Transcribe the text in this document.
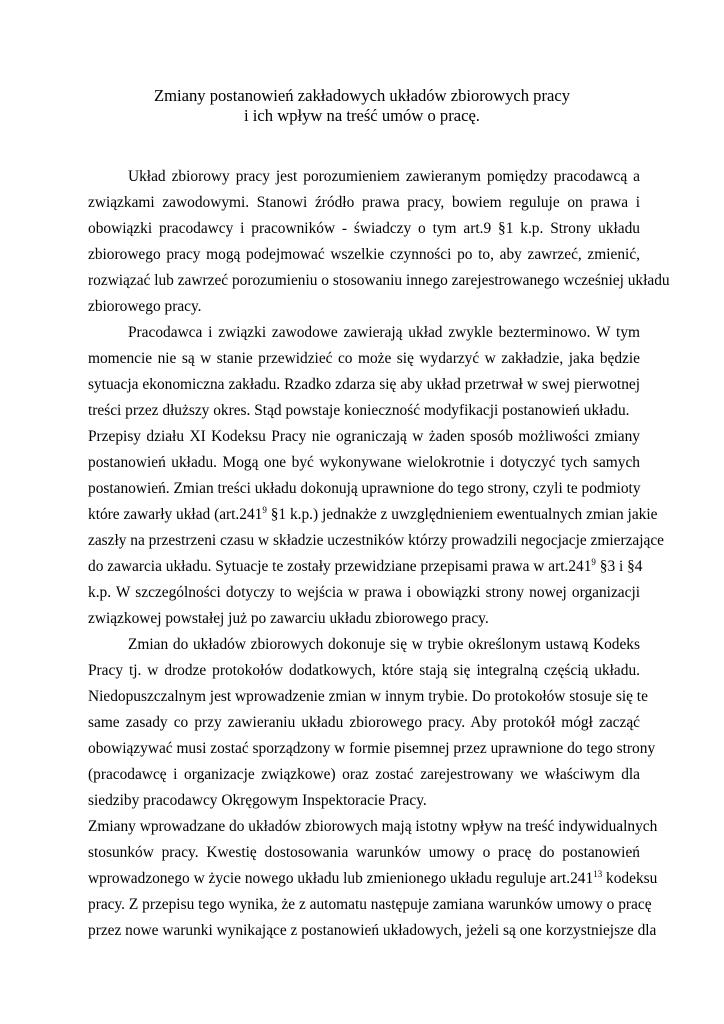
Zmiany postanowień zakładowych układów zbiorowych pracy
i ich wpływ na treść umów o pracę.
Układ zbiorowy pracy jest porozumieniem zawieranym pomiędzy pracodawcą a
związkami zawodowymi. Stanowi źródło prawa pracy, bowiem reguluje on prawa i
obowiązki pracodawcy i pracowników - świadczy o tym art.9 §1 k.p. Strony układu
zbiorowego pracy mogą podejmować wszelkie czynności po to, aby zawrzeć, zmienić,
rozwiązać lub zawrzeć porozumieniu o stosowaniu innego zarejestrowanego wcześniej układu
zbiorowego pracy.
Pracodawca i związki zawodowe zawierają układ zwykle bezterminowo. W tym
momencie nie są w stanie przewidzieć co może się wydarzyć w zakładzie, jaka będzie
sytuacja ekonomiczna zakładu. Rzadko zdarza się aby układ przetrwał w swej pierwotnej
treści przez dłuższy okres. Stąd powstaje konieczność modyfikacji postanowień układu.
Przepisy działu XI Kodeksu Pracy nie ograniczają w żaden sposób możliwości zmiany
postanowień układu. Mogą one być wykonywane wielokrotnie i dotyczyć tych samych
postanowień. Zmian treści układu dokonują uprawnione do tego strony, czyli te podmioty
które zawarły układ (art.241$^9$ §1 k.p.) jednakże z uwzględnieniem ewentualnych zmian jakie
zaszły na przestrzeni czasu w składzie uczestników którzy prowadzili negocjacje zmierzające
do zawarcia układu. Sytuacje te zostały przewidziane przepisami prawa w art.241$^9$ §3 i §4
k.p. W szczególności dotyczy to wejścia w prawa i obowiązki strony nowej organizacji
związkowej powstałej już po zawarciu układu zbiorowego pracy.
Zmian do układów zbiorowych dokonuje się w trybie określonym ustawą Kodeks
Pracy tj. w drodze protokołów dodatkowych, które stają się integralną częścią układu.
Niedopuszczalnym jest wprowadzenie zmian w innym trybie. Do protokołów stosuje się te
same zasady co przy zawieraniu układu zbiorowego pracy. Aby protokół mógł zacząć
obowiązywać musi zostać sporządzony w formie pisemnej przez uprawnione do tego strony
(pracodawcę i organizacje związkowe) oraz zostać zarejestrowany we właściwym dla
siedziby pracodawcy Okręgowym Inspektoracie Pracy.
Zmiany wprowadzane do układów zbiorowych mają istotny wpływ na treść indywidualnych
stosunków pracy. Kwestię dostosowania warunków umowy o pracę do postanowień
wprowadzonego w życie nowego układu lub zmienionego układu reguluje art.241$^{13}$ kodeksu
pracy. Z przepisu tego wynika, że z automatu następuje zamiana warunków umowy o pracę
przez nowe warunki wynikające z postanowień układowych, jeżeli są one korzystniejsze dla
